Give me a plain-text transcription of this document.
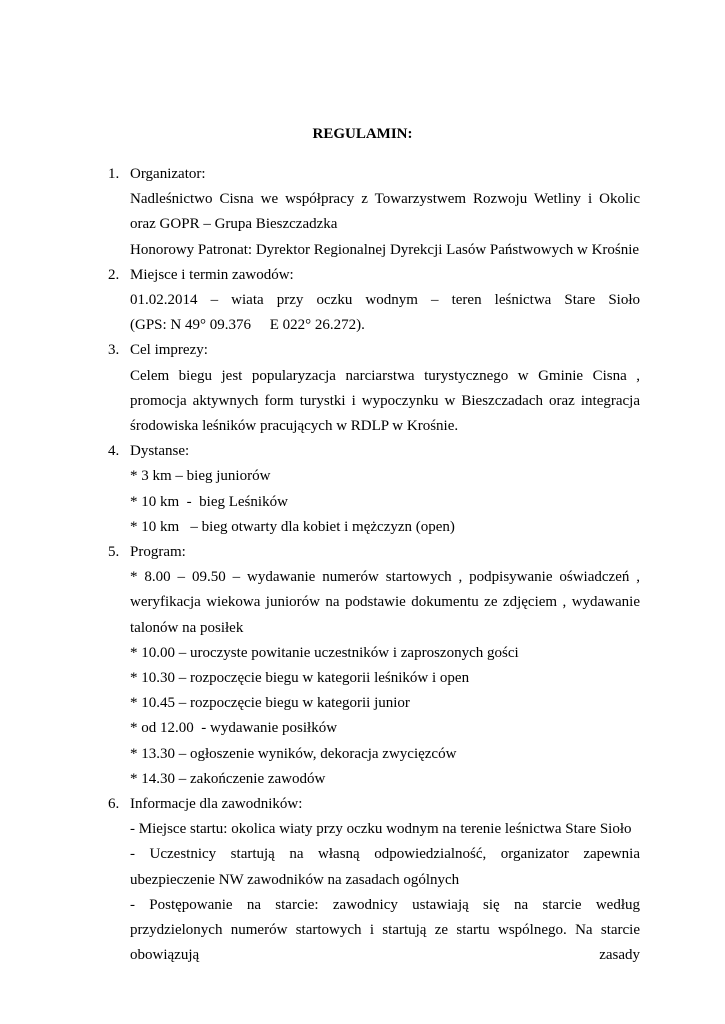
REGULAMIN:
1. Organizator:

Nadleśnictwo Cisna we współpracy z Towarzystwem Rozwoju Wetliny i Okolic oraz GOPR – Grupa Bieszczadzka

Honorowy Patronat: Dyrektor Regionalnej Dyrekcji Lasów Państwowych w Krośnie

2. Miejsce i termin zawodów:

01.02.2014 – wiata przy oczku wodnym – teren leśnictwa Stare Sioło

(GPS: N 49° 09.376     E 022° 26.272).

3. Cel imprezy:

Celem biegu jest popularyzacja narciarstwa turystycznego w Gminie Cisna , promocja aktywnych form turystki i wypoczynku w Bieszczadach oraz integracja środowiska leśników pracujących w RDLP w Krośnie.

4. Dystanse:

* 3 km – bieg juniorów

* 10 km  -  bieg Leśników

* 10 km   – bieg otwarty dla kobiet i mężczyzn (open)

5. Program:

* 8.00 – 09.50 – wydawanie numerów startowych , podpisywanie oświadczeń , weryfikacja wiekowa juniorów na podstawie dokumentu ze zdjęciem , wydawanie talonów na posiłek

* 10.00 – uroczyste powitanie uczestników i zaproszonych gości

* 10.30 – rozpoczęcie biegu w kategorii leśników i open

* 10.45 – rozpoczęcie biegu w kategorii junior

* od 12.00  - wydawanie posiłków

* 13.30 – ogłoszenie wyników, dekoracja zwycięzców

* 14.30 – zakończenie zawodów

6. Informacje dla zawodników:

- Miejsce startu: okolica wiaty przy oczku wodnym na terenie leśnictwa Stare Sioło

- Uczestnicy startują na własną odpowiedzialność, organizator zapewnia ubezpieczenie NW zawodników na zasadach ogólnych

- Postępowanie na starcie: zawodnicy ustawiają się na starcie według przydzielonych numerów startowych i startują ze startu wspólnego. Na starcie obowiązują zasady
